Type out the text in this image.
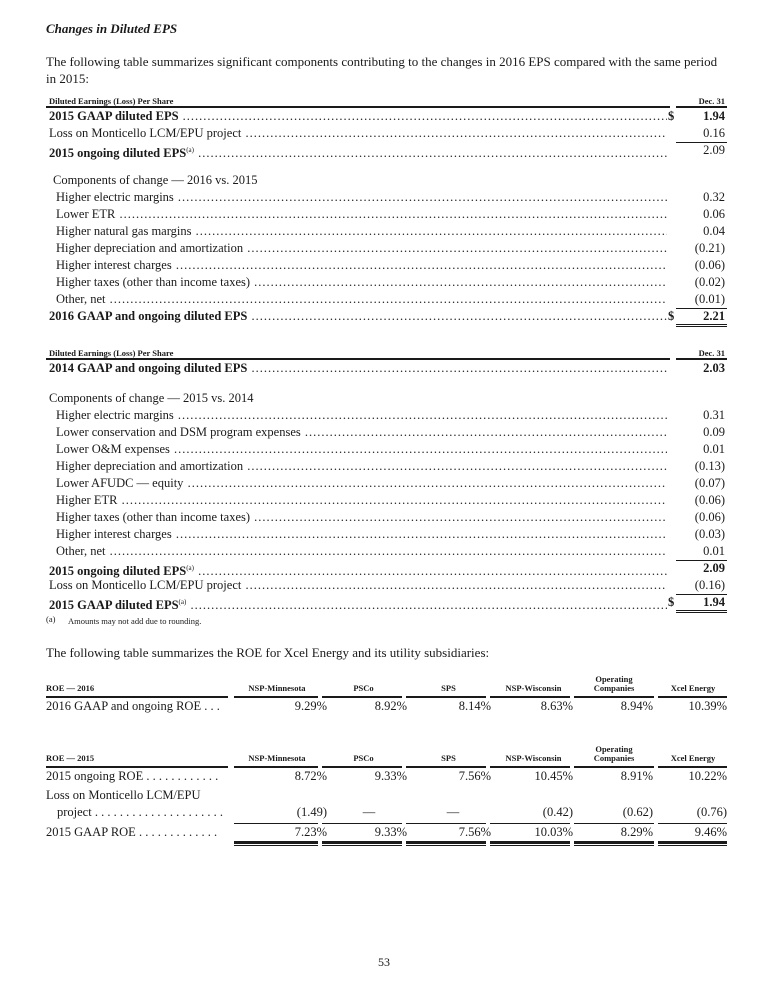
Changes in Diluted EPS
The following table summarizes significant components contributing to the changes in 2016 EPS compared with the same period in 2015:
Diluted Earnings (Loss) Per Share	Dec. 31
2015 GAAP diluted EPS .....	$ 1.94
Loss on Monticello LCM/EPU project .....	0.16
2015 ongoing diluted EPS$^{(a)}$ .....	2.09
Components of change — 2016 vs. 2015
Higher electric margins .....	0.32
Lower ETR .....	0.06
Higher natural gas margins .....	0.04
Higher depreciation and amortization .....	(0.21)
Higher interest charges .....	(0.06)
Higher taxes (other than income taxes) .....	(0.02)
Other, net .....	(0.01)
2016 GAAP and ongoing diluted EPS .....	$ 2.21
Diluted Earnings (Loss) Per Share	Dec. 31
2014 GAAP and ongoing diluted EPS .....	2.03
Components of change — 2015 vs. 2014
Higher electric margins .....	0.31
Lower conservation and DSM program expenses .....	0.09
Lower O&M expenses .....	0.01
Higher depreciation and amortization .....	(0.13)
Lower AFUDC — equity .....	(0.07)
Higher ETR .....	(0.06)
Higher taxes (other than income taxes) .....	(0.06)
Higher interest charges .....	(0.03)
Other, net .....	0.01
2015 ongoing diluted EPS$^{(a)}$ .....	2.09
Loss on Monticello LCM/EPU project .....	(0.16)
2015 GAAP diluted EPS$^{(a)}$ .....	$ 1.94
(a) Amounts may not add due to rounding.
The following table summarizes the ROE for Xcel Energy and its utility subsidiaries:
ROE — 2016	NSP-Minnesota	PSCo	SPS	NSP-Wisconsin
Operating Companies	Xcel Energy
2016 GAAP and ongoing ROE . . .	9.29%	8.92%	8.14%	8.63%	8.94%	10.39%
ROE — 2015	NSP-Minnesota	PSCo	SPS	NSP-Wisconsin
Operating Companies	Xcel Energy
2015 ongoing ROE . . . . . . . . . . . .	8.72%	9.33%	7.56%	10.45%	8.91%	10.22%
Loss on Monticello LCM/EPU
project . . . . . . . . . . . . . . . . . . . . .	(1.49)	—	—	(0.42)	(0.62)	(0.76)
2015 GAAP ROE . . . . . . . . . . . . .	7.23%	9.33%	7.56%	10.03%	8.29%	9.46%
53
